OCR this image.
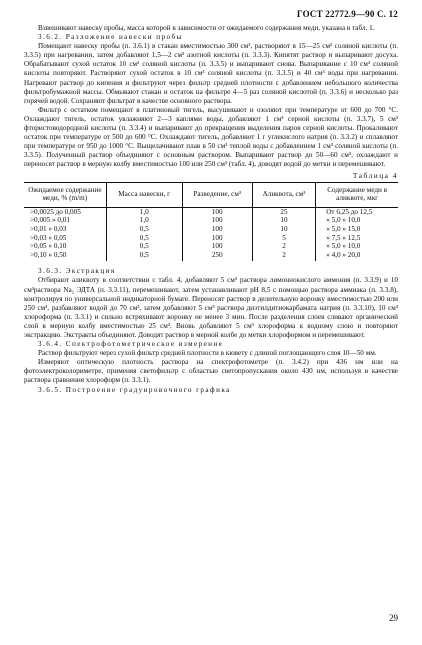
ГОСТ 22772.9—90 С. 12

Взвешивают навеску пробы, масса которой в зависимости от ожидаемого содержания меди, указана в табл. 1.

3.6.2. Разложение навески пробы

Помещают навеску пробы (п. 3.6.1) в стакан вместимостью 300 см³, растворяют в 15—25 см³ соляной кислоты (п. 3.3.5) при нагревании, затем добавляют 1,5—2 см³ азотной кислоты (п. 3.3.3). Кипятят раствор и выпаривают досуха. Обрабатывают сухой остаток 10 см³ соляной кислоты (п. 3.3.5) и выпаривают снова. Выпаривание с 10 см³ соляной кислоты повторяют. Растворяют сухой остаток в 10 см³ соляной кислоты (п. 3.3.5) и 40 см³ воды при нагревании. Нагревают раствор до кипения и фильтруют через фильтр средней плотности с добавлением небольшого количества фильтробумажной массы. Обмывают стакан и остаток на фильтре 4—5 раз соляной кислотой (п. 3.3.6) и несколько раз горячей водой. Сохраняют фильтрат в качестве основного раствора.

Фильтр с остатком помещают в платиновый тигель, высушивают и озоляют при температуре от 600 до 700 °С. Охлаждают тигель, остаток увлажняют 2—3 каплями воды, добавляют 1 см³ серной кислоты (п. 3.3.7), 5 см³ фтористоводородной кислоты (п. 3.3.4) и выпаривают до прекращения выделения паров серной кислоты. Прокаливают остаток при температуре от 500 до 600 °С. Охлаждают тигель, добавляют 1 г углекислого натрия (п. 3.3.2) и сплавляют при температуре от 950 до 1000 °С. Выщелачивают плав в 50 см³ теплой воды с добавлением 1 см³ соляной кислоты (п. 3.3.5). Полученный раствор объединяют с основным раствором. Выпаривают раствор до 50—60 см³, охлаждают и переносят раствор в мерную колбу вместимостью 100 или 250 см³ (табл. 4), доводят водой до метки и перемешивают.

Таблица 4
Ожидаемое содержание меди, % (m/m)	Масса навески, г	Разведение, см³	Аликвота, см³	Содержание меди в аликвоте, мкг
>0,0025 до 0,005	1,0	100	25	От 6,25 до 12,5
>0,005 » 0,01	1,0	100	10	» 5,0 » 10,0
>0,01 » 0,03	0,5	100	10	» 5,0 » 15,0
>0,03 » 0,05	0,5	100	5	» 7,5 » 12,5
>0,05 » 0,10	0,5	100	2	» 5,0 » 10,0
>0,10 » 0,50	0,5	250	2	» 4,0 » 20,0

3.6.3. Экстракция

Отбирают аликвоту в соответствии с табл. 4, добавляют 5 см³ раствора лимоннокислого аммония (п. 3.3.9) и 10 см³раствора Na₂ ЭДТА (п. 3.3.11), перемешивают, затем устанавливают рН 8,5 с помощью раствора аммиака (п. 3.3.8), контролируя по универсальной индикаторной бумаге. Переносят раствор в делительную воронку вместимостью 200 или 250 см³, разбавляют водой до 70 см³, затем добавляют 5 см³ раствора диэтилдитиокарбамата натрия (п. 3.3.10), 10 см³ хлороформа (п. 3.3.1) и сильно встряхивают воронку не менее 3 мин. После разделения слоев сливают органический слой в мерную колбу вместимостью 25 см³. Вновь добавляют 5 см³ хлороформа к водному слою и повторяют экстракцию. Экстракты объединяют. Доводят раствор в мерной колбе до метки хлороформом и перемешивают.

3.6.4. Спектрофотометрическое измерение

Раствор фильтруют через сухой фильтр средней плотности в кювету с длиной поглощающего слоя 10—50 мм.

Измеряют оптическую плотность раствора на спектрофотометре (п. 3.4.2) при 436 нм или на фотоэлектроколориметре, применяя светофильтр с областью светопропускания около 430 нм, используя в качестве раствора сравнения хлороформ (п. 3.3.1).

3.6.5. Построение градуировочного графика

29
